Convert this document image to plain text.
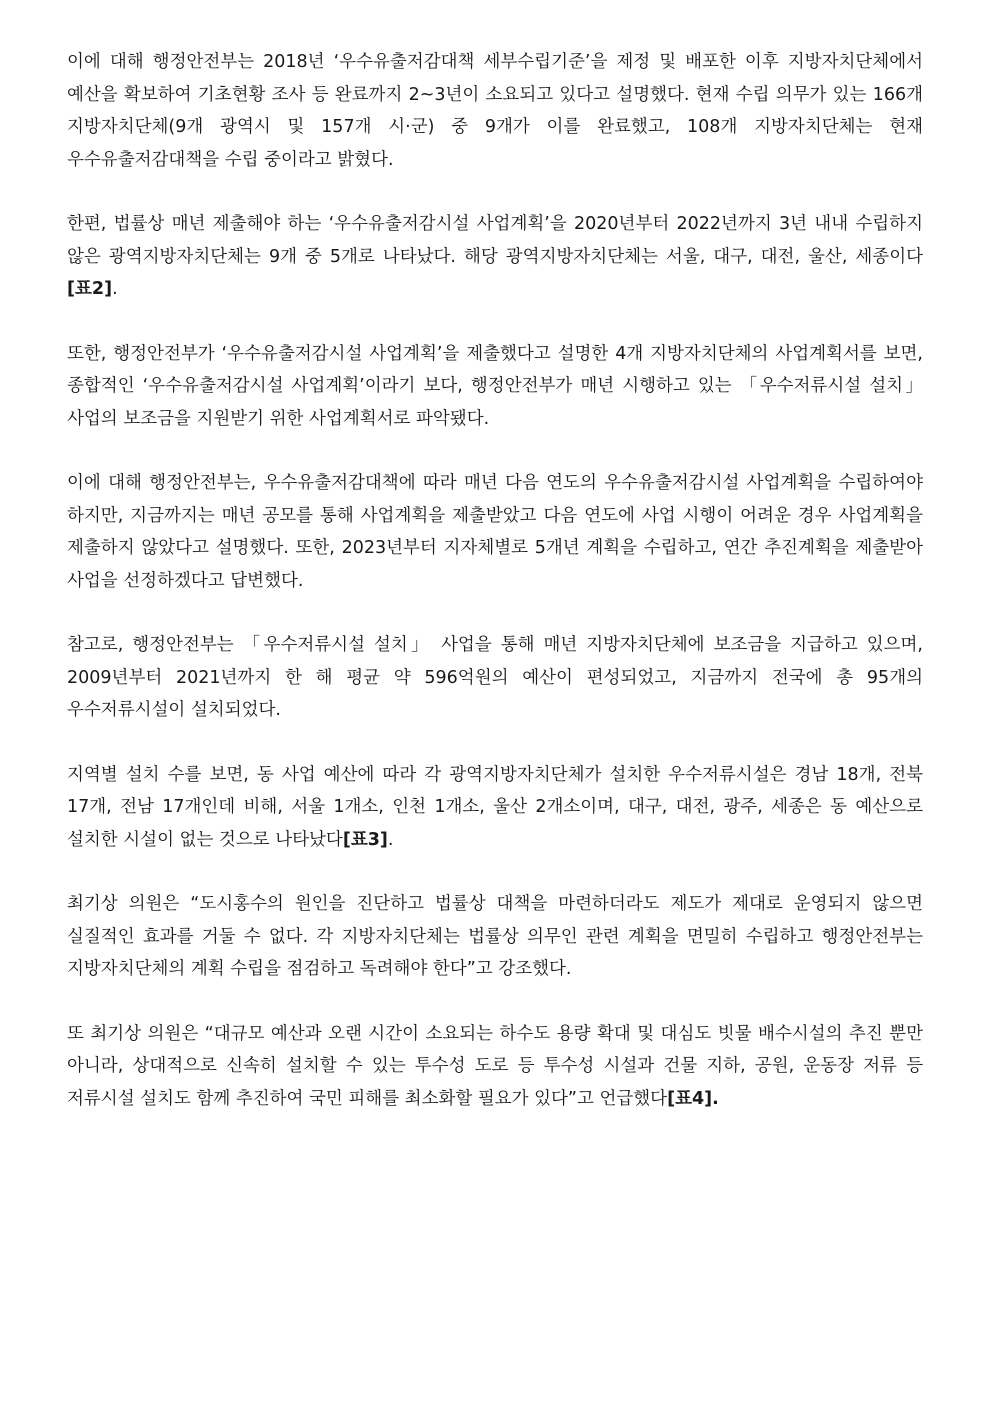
이에 대해 행정안전부는 2018년 ‘우수유출저감대책 세부수립기준’을 제정 및 배포한 이후 지방자치단체에서 예산을 확보하여 기초현황 조사 등 완료까지 2~3년이 소요되고 있다고 설명했다. 현재 수립 의무가 있는 166개 지방자치단체(9개 광역시 및 157개 시·군) 중 9개가 이를 완료했고, 108개 지방자치단체는 현재 우수유출저감대책을 수립 중이라고 밝혔다.

한편, 법률상 매년 제출해야 하는 ‘우수유출저감시설 사업계획’을 2020년부터 2022년까지 3년 내내 수립하지 않은 광역지방자치단체는 9개 중 5개로 나타났다. 해당 광역지방자치단체는 서울, 대구, 대전, 울산, 세종이다[표2].

또한, 행정안전부가 ‘우수유출저감시설 사업계획’을 제출했다고 설명한 4개 지방자치단체의 사업계획서를 보면, 종합적인 ‘우수유출저감시설 사업계획’이라기 보다, 행정안전부가 매년 시행하고 있는 「우수저류시설 설치」 사업의 보조금을 지원받기 위한 사업계획서로 파악됐다.

이에 대해 행정안전부는, 우수유출저감대책에 따라 매년 다음 연도의 우수유출저감시설 사업계획을 수립하여야 하지만, 지금까지는 매년 공모를 통해 사업계획을 제출받았고 다음 연도에 사업 시행이 어려운 경우 사업계획을 제출하지 않았다고 설명했다. 또한, 2023년부터 지자체별로 5개년 계획을 수립하고, 연간 추진계획을 제출받아 사업을 선정하겠다고 답변했다.

참고로, 행정안전부는 「우수저류시설 설치」 사업을 통해 매년 지방자치단체에 보조금을 지급하고 있으며, 2009년부터 2021년까지 한 해 평균 약 596억원의 예산이 편성되었고, 지금까지 전국에 총 95개의 우수저류시설이 설치되었다.

지역별 설치 수를 보면, 동 사업 예산에 따라 각 광역지방자치단체가 설치한 우수저류시설은 경남 18개, 전북 17개, 전남 17개인데 비해, 서울 1개소, 인천 1개소, 울산 2개소이며, 대구, 대전, 광주, 세종은 동 예산으로 설치한 시설이 없는 것으로 나타났다[표3].

최기상 의원은 “도시홍수의 원인을 진단하고 법률상 대책을 마련하더라도 제도가 제대로 운영되지 않으면 실질적인 효과를 거둘 수 없다. 각 지방자치단체는 법률상 의무인 관련 계획을 면밀히 수립하고 행정안전부는 지방자치단체의 계획 수립을 점검하고 독려해야 한다”고 강조했다.

또 최기상 의원은 “대규모 예산과 오랜 시간이 소요되는 하수도 용량 확대 및 대심도 빗물 배수시설의 추진 뿐만 아니라, 상대적으로 신속히 설치할 수 있는 투수성 도로 등 투수성 시설과 건물 지하, 공원, 운동장 저류 등 저류시설 설치도 함께 추진하여 국민 피해를 최소화할 필요가 있다”고 언급했다[표4].
